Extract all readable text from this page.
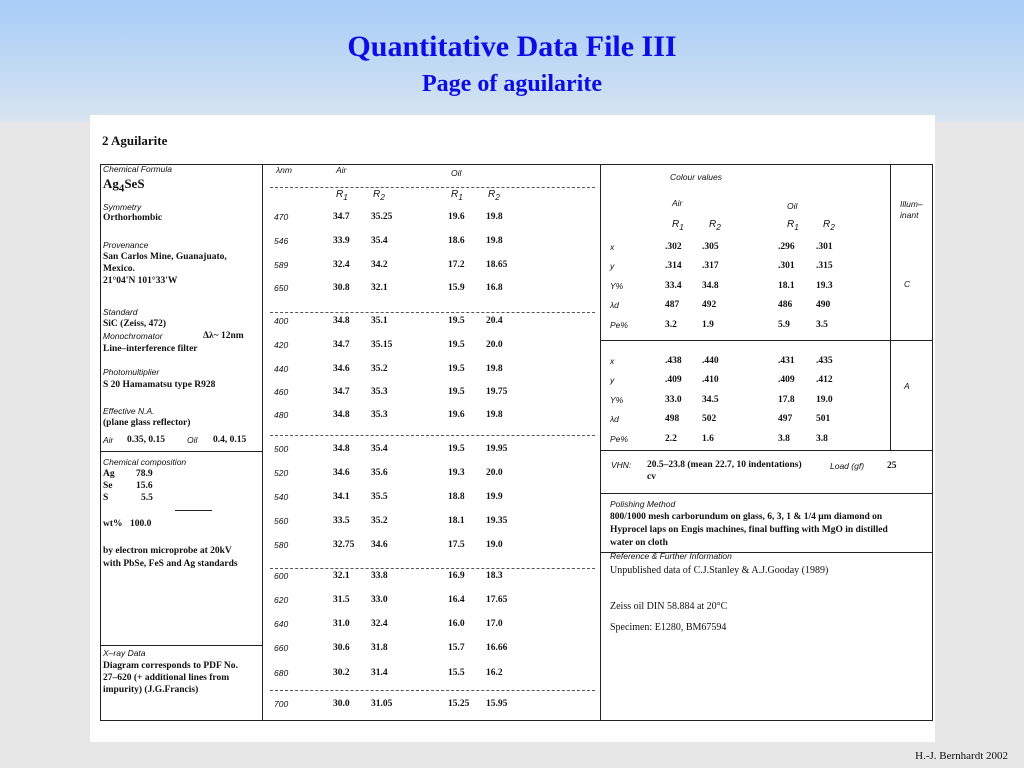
Quantitative Data File III
Page of aguilarite
2 Aguilarite
Chemical Formula
$Ag_4SeS$
Symmetry
Orthorhombic
Provenance
San Carlos Mine, Guanajuato,
Mexico.
21°04'N 101°33'W
Standard
SiC (Zeiss, 472)
Monochromator	Δλ~ 12nm
Line–interference filter
Photomultiplier
S 20 Hamamatsu type R928
Effective N.A.
(plane glass reflector)
Air 0.35, 0.15	Oil 0.4, 0.15
Chemical composition
Ag 78.9
Se 15.6
S	5.5
wt% 100.0
by electron microprobe at 20kV
with PbSe, FeS and Ag standards
X–ray Data
Diagram corresponds to PDF No.
27–620 (+ additional lines from
impurity) (J.G.Francis)
λnm	Air	Oil
$R_1$	$R_2$	$R_1$	$R_2$
470	34.7 35.25	19.6 19.8
546	33.9 35.4	18.6 19.8
589	32.4 34.2	17.2 18.65
650	30.8 32.1	15.9 16.8
400	34.8 35.1	19.5 20.4
420	34.7 35.15	19.5 20.0
440	34.6 35.2	19.5 19.8
460	34.7 35.3	19.5 19.75
480	34.8 35.3	19.6 19.8
500	34.8 35.4	19.5 19.95
520	34.6 35.6	19.3 20.0
540	34.1 35.5	18.8 19.9
560	33.5 35.2	18.1 19.35
580	32.75 34.6	17.5 19.0
600	32.1 33.8	16.9 18.3
620	31.5 33.0	16.4 17.65
640	31.0 32.4	16.0 17.0
660	30.6 31.8	15.7 16.66
680	30.2 31.4	15.5 16.2
700	30.0 31.05	15.25 15.95
Colour values
Air	Oil	Illum–
inant
$R_1$	$R_2$	$R_1$ $R_2$
x	.302 .305	.296 .301
y	.314 .317	.301 .315
Y%	33.4 34.8	18.1 19.3
λd	487 492	486	490
Pe%	3.2	1.9	5.9	3.5
C
x	.438 .440	.431 .435
y	.409 .410	.409 .412
Y%	33.0 34.5	17.8 19.0
λd	498 502	497	501
Pe%	2.2	1.6	3.8	3.8
A
VHN: 20.5–23.8 (mean 22.7, 10 indentations)	Load (gf) 25
cv
Polishing Method
800/1000 mesh carborundum on glass, 6, 3, 1 & 1/4 μm diamond on
Hyprocel laps on Engis machines, final buffing with MgO in distilled
water on cloth
Reference & Further Information
Unpublished data of C.J.Stanley & A.J.Gooday (1989)
Zeiss oil DIN 58.884 at 20°C
Specimen: E1280, BM67594
H.-J. Bernhardt 2002
